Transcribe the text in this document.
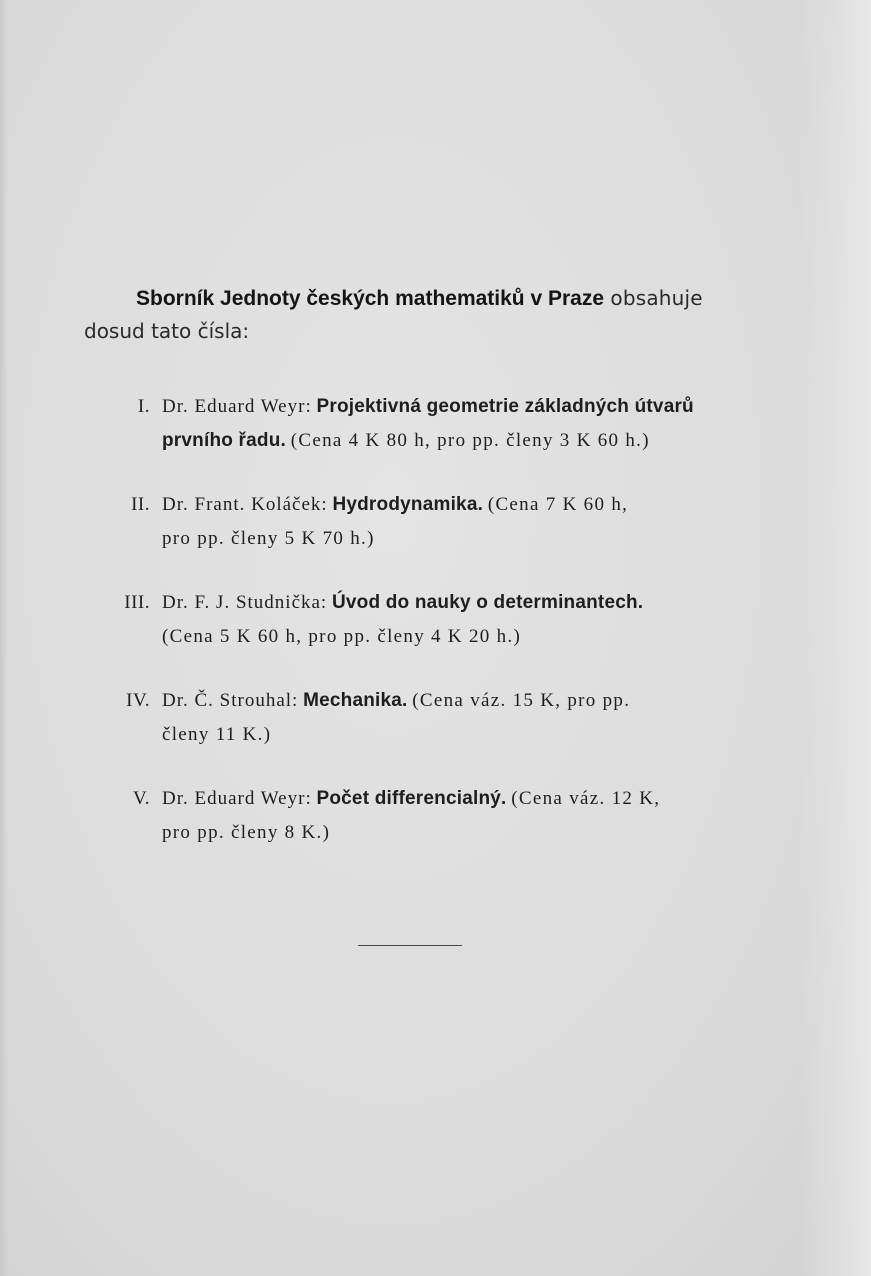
Sborník Jednoty českých mathematiků v Praze obsahuje
dosud tato čísla:
I. Dr. Eduard Weyr: Projektivná geometrie základných útvarů
prvního řadu. (Cena 4 K 80 h, pro pp. členy 3 K 60 h.)
II. Dr. Frant. Koláček: Hydrodynamika. (Cena 7 K 60 h,
pro pp. členy 5 K 70 h.)
III. Dr. F. J. Studnička: Úvod do nauky o determinantech.
(Cena 5 K 60 h, pro pp. členy 4 K 20 h.)
IV. Dr. Č. Strouhal: Mechanika. (Cena váz. 15 K, pro pp.
členy 11 K.)
V. Dr. Eduard Weyr: Počet differencialný. (Cena váz. 12 K,
pro pp. členy 8 K.)
